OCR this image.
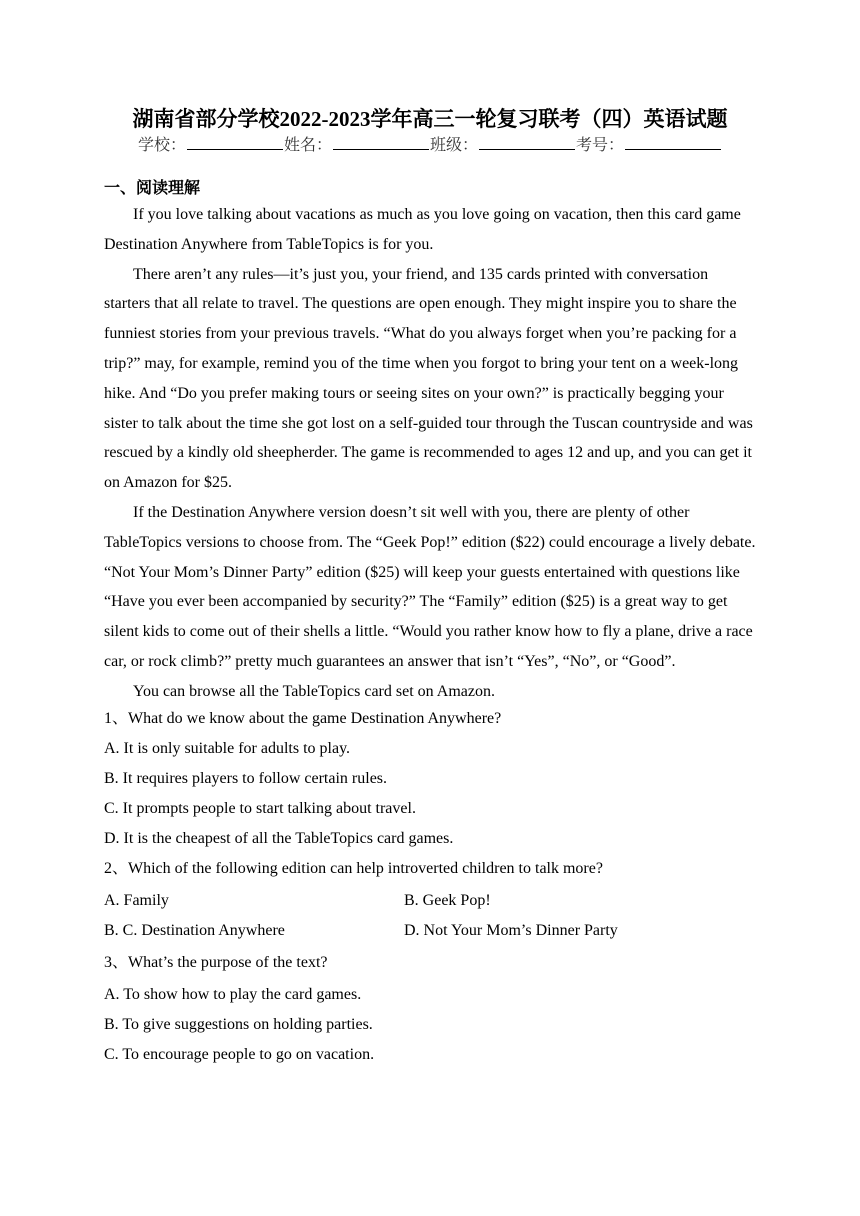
湖南省部分学校2022-2023学年高三一轮复习联考（四）英语试题
学校：	姓名：	班级：	考号：
一、阅读理解

If you love talking about vacations as much as you love going on vacation, then this card game Destination Anywhere from TableTopics is for you.

There aren’t any rules—it’s just you, your friend, and 135 cards printed with conversation starters that all relate to travel. The questions are open enough. They might inspire you to share the funniest stories from your previous travels. “What do you always forget when you’re packing for a trip?” may, for example, remind you of the time when you forgot to bring your tent on a week-long hike. And “Do you prefer making tours or seeing sites on your own?” is practically begging your sister to talk about the time she got lost on a self-guided tour through the Tuscan countryside and was rescued by a kindly old sheepherder. The game is recommended to ages 12 and up, and you can get it on Amazon for $25.

If the Destination Anywhere version doesn’t sit well with you, there are plenty of other TableTopics versions to choose from. The “Geek Pop!” edition ($22) could encourage a lively debate. “Not Your Mom’s Dinner Party” edition ($25) will keep your guests entertained with questions like “Have you ever been accompanied by security?” The “Family” edition ($25) is a great way to get silent kids to come out of their shells a little. “Would you rather know how to fly a plane, drive a race car, or rock climb?” pretty much guarantees an answer that isn’t “Yes”, “No”, or “Good”.

You can browse all the TableTopics card set on Amazon.

1、What do we know about the game Destination Anywhere?
A. It is only suitable for adults to play.
B. It requires players to follow certain rules.
C. It prompts people to start talking about travel.
D. It is the cheapest of all the TableTopics card games.
2、Which of the following edition can help introverted children to talk more?
A. Family	B. Geek Pop!
B. C. Destination Anywhere	D. Not Your Mom’s Dinner Party
3、What’s the purpose of the text?
A. To show how to play the card games.
B. To give suggestions on holding parties.
C. To encourage people to go on vacation.
